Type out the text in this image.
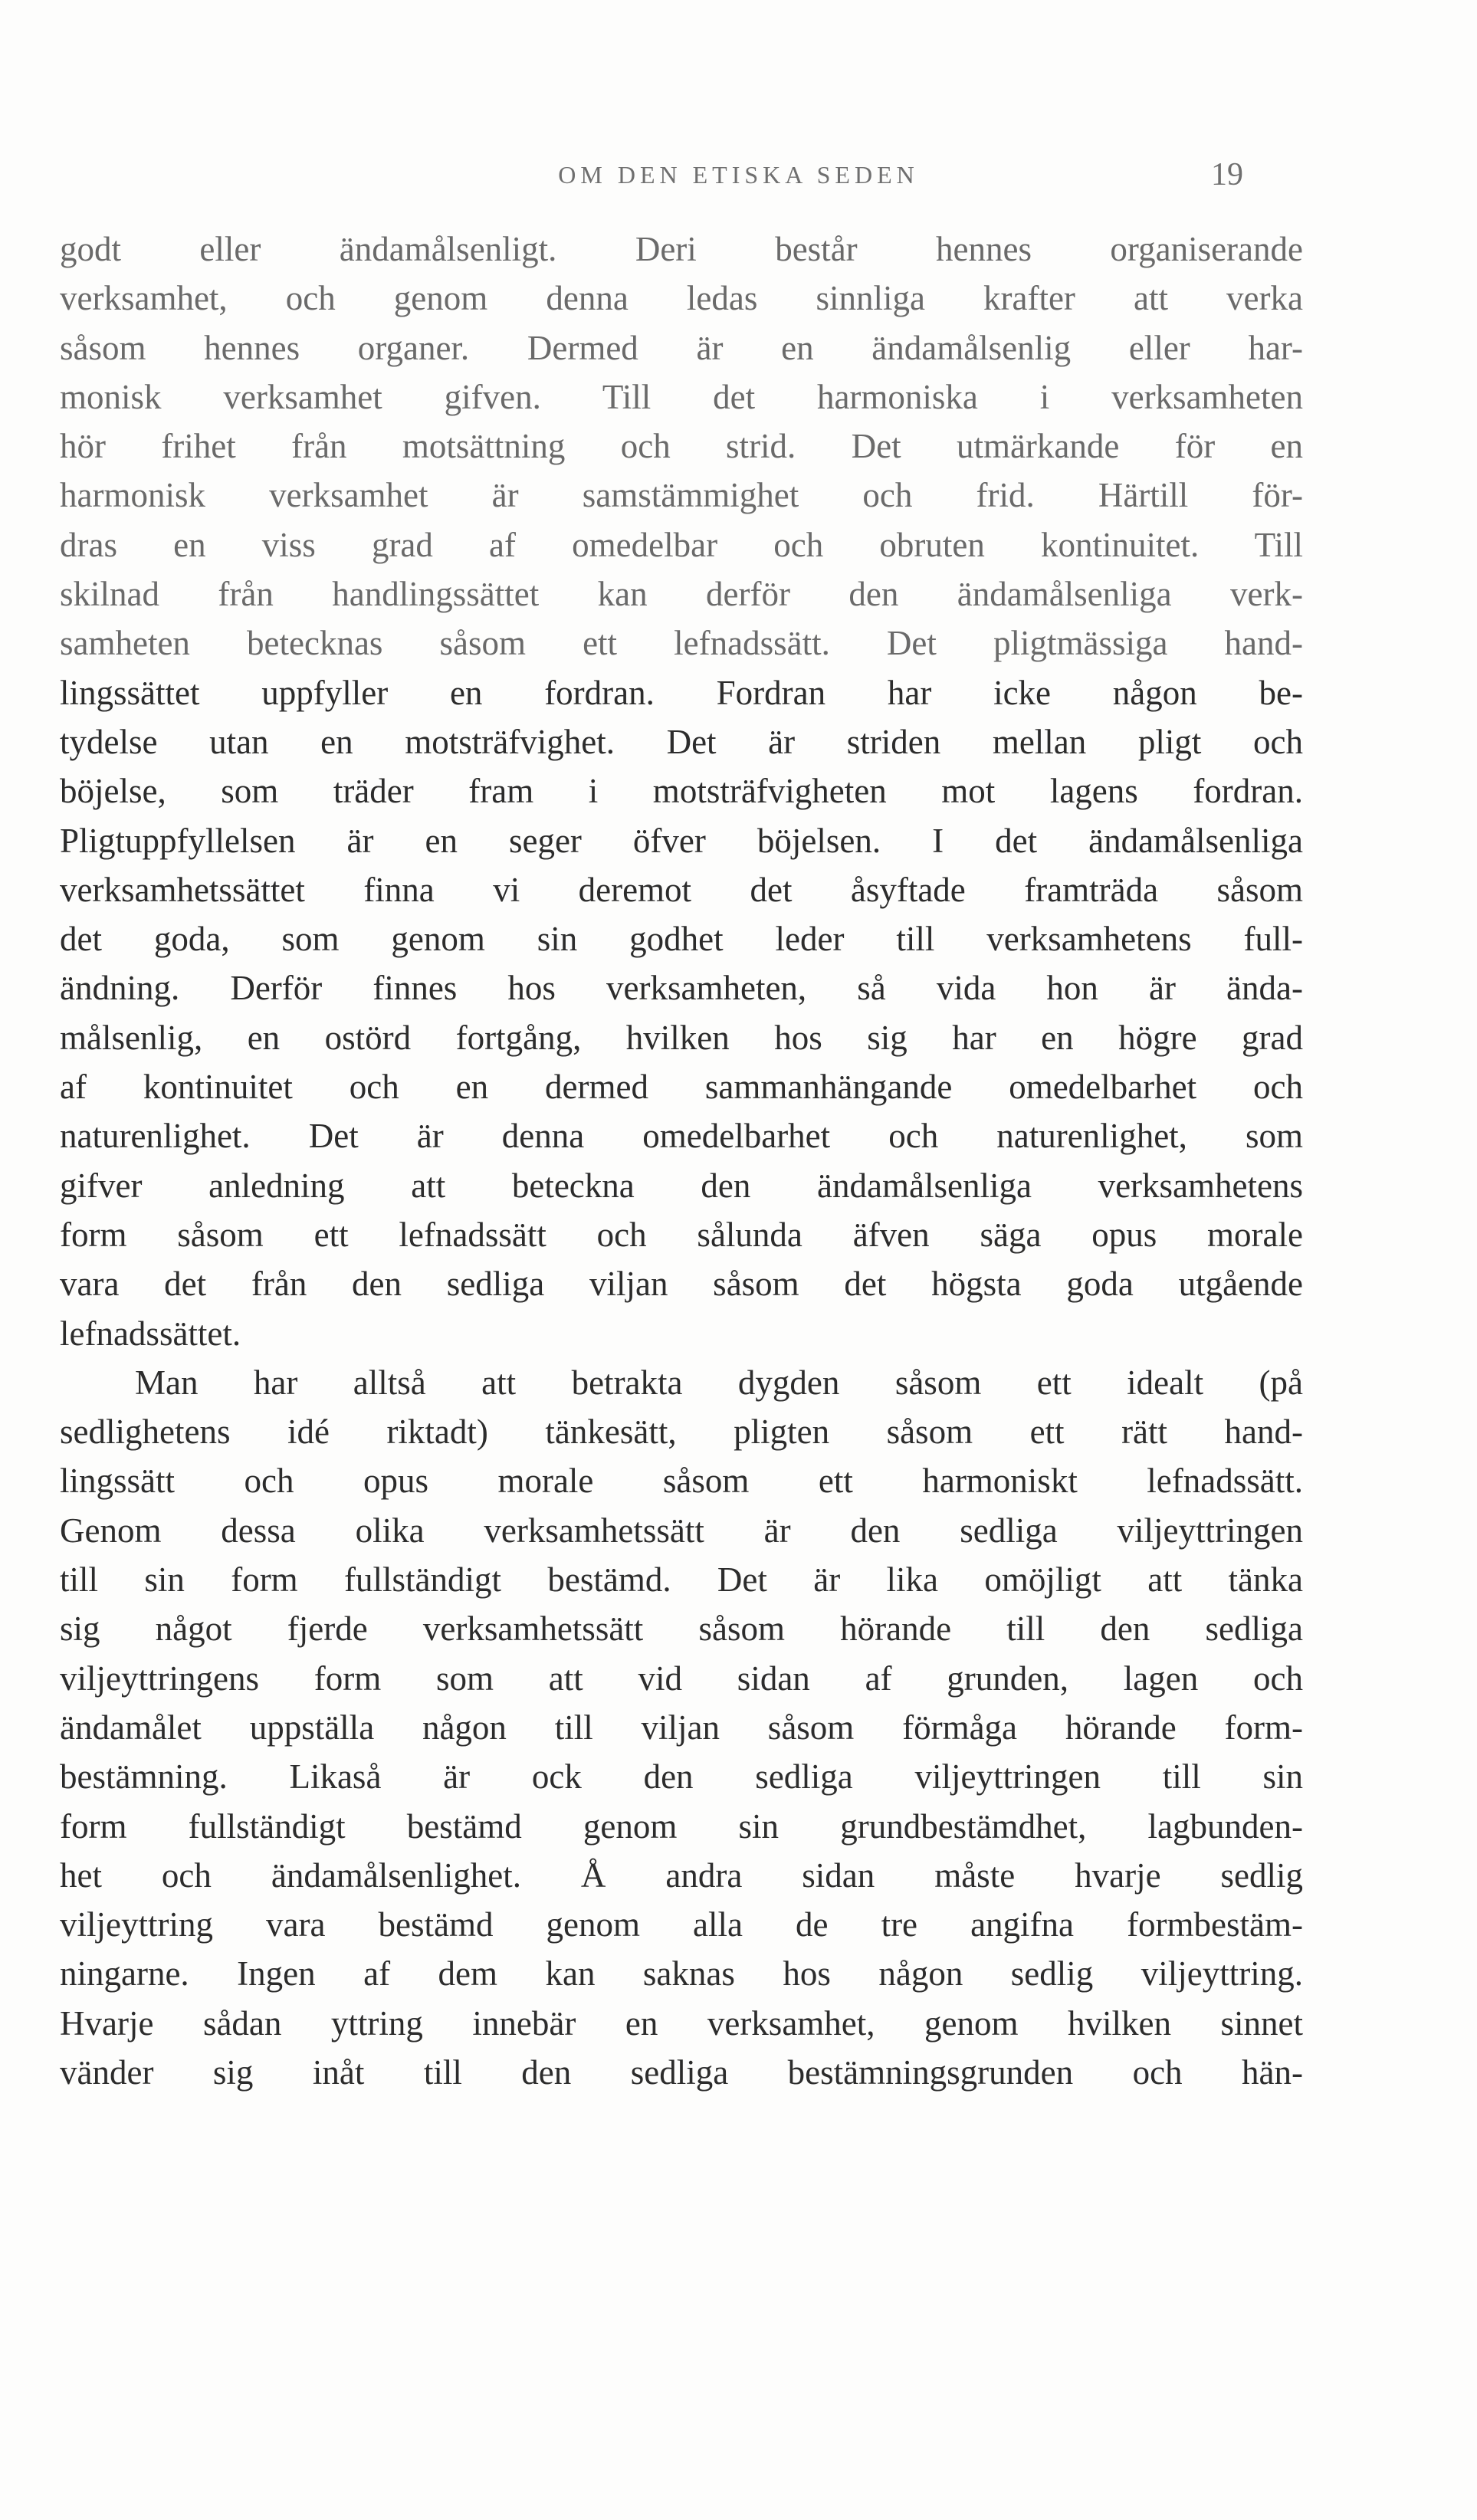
OM DEN ETISKA SEDEN	19
godt eller ändamålsenligt. Deri består hennes organiserande
verksamhet, och genom denna ledas sinnliga krafter att verka
såsom hennes organer. Dermed är en ändamålsenlig eller har-
monisk verksamhet gifven. Till det harmoniska i verksamheten
hör frihet från motsättning och strid. Det utmärkande för en
harmonisk verksamhet är samstämmighet och frid. Härtill för-
dras en viss grad af omedelbar och obruten kontinuitet. Till
skilnad från handlingssättet kan derför den ändamålsenliga verk-
samheten betecknas såsom ett lefnadssätt. Det pligtmässiga hand-
lingssättet uppfyller en fordran. Fordran har icke någon be-
tydelse utan en motsträfvighet. Det är striden mellan pligt och
böjelse, som träder fram i motsträfvigheten mot lagens fordran.
Pligtuppfyllelsen är en seger öfver böjelsen. I det ändamålsenliga
verksamhetssättet finna vi deremot det åsyftade framträda såsom
det goda, som genom sin godhet leder till verksamhetens full-
ändning. Derför finnes hos verksamheten, så vida hon är ända-
målsenlig, en ostörd fortgång, hvilken hos sig har en högre grad
af kontinuitet och en dermed sammanhängande omedelbarhet och
naturenlighet. Det är denna omedelbarhet och naturenlighet, som
gifver anledning att beteckna den ändamålsenliga verksamhetens
form såsom ett lefnadssätt och sålunda äfven säga opus morale
vara det från den sedliga viljan såsom det högsta goda utgående
lefnadssättet.
Man har alltså att betrakta dygden såsom ett idealt (på
sedlighetens idé riktadt) tänkesätt, pligten såsom ett rätt hand-
lingssätt och opus morale såsom ett harmoniskt lefnadssätt.
Genom dessa olika verksamhetssätt är den sedliga viljeyttringen
till sin form fullständigt bestämd. Det är lika omöjligt att tänka
sig något fjerde verksamhetssätt såsom hörande till den sedliga
viljeyttringens form som att vid sidan af grunden, lagen och
ändamålet uppställa någon till viljan såsom förmåga hörande form-
bestämning. Likaså är ock den sedliga viljeyttringen till sin
form fullständigt bestämd genom sin grundbestämdhet, lagbunden-
het och ändamålsenlighet. Å andra sidan måste hvarje sedlig
viljeyttring vara bestämd genom alla de tre angifna formbestäm-
ningarne. Ingen af dem kan saknas hos någon sedlig viljeyttring.
Hvarje sådan yttring innebär en verksamhet, genom hvilken sinnet
vänder sig inåt till den sedliga bestämningsgrunden och hän-
